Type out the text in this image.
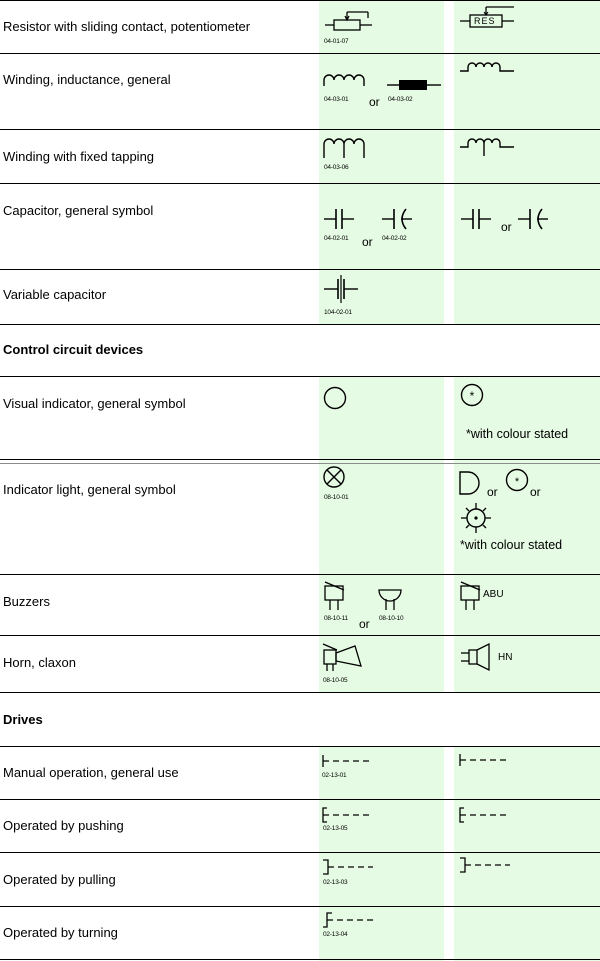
Resistor with sliding contact, potentiometer
Winding, inductance, general
Winding with fixed tapping
Capacitor, general symbol
Variable capacitor
Control circuit devices
Visual indicator, general symbol
Indicator light, general symbol
Buzzers
Horn, claxon
Drives
Manual operation, general use
Operated by pushing
Operated by pulling
Operated by turning
04-01-07
RES
04-03-01 or 04-03-02
04-03-06
04-02-01 or 04-02-02
or
104-02-01
*
*with colour stated
08-10-01	or
*
or
*with colour stated
08-10-11 or 08-10-10
ABU
08-10-05
HN
02-13-01
02-13-05
02-13-03
02-13-04
